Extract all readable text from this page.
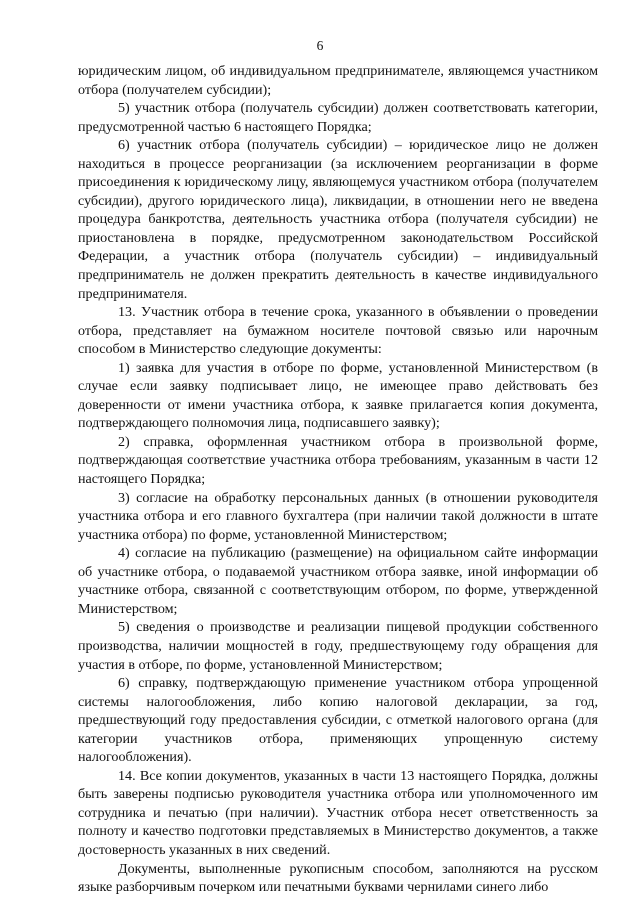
6

юридическим лицом, об индивидуальном предпринимателе, являющемся участником отбора (получателем субсидии);

5) участник отбора (получатель субсидии) должен соответствовать категории, предусмотренной частью 6 настоящего Порядка;

6) участник отбора (получатель субсидии) – юридическое лицо не должен находиться в процессе реорганизации (за исключением реорганизации в форме присоединения к юридическому лицу, являющемуся участником отбора (получателем субсидии), другого юридического лица), ликвидации, в отношении него не введена процедура банкротства, деятельность участника отбора (получателя субсидии) не приостановлена в порядке, предусмотренном законодательством Российской Федерации, а участник отбора (получатель субсидии) – индивидуальный предприниматель не должен прекратить деятельность в качестве индивидуального предпринимателя.

13. Участник отбора в течение срока, указанного в объявлении о проведении отбора, представляет на бумажном носителе почтовой связью или нарочным способом в Министерство следующие документы:

1) заявка для участия в отборе по форме, установленной Министерством (в случае если заявку подписывает лицо, не имеющее право действовать без доверенности от имени участника отбора, к заявке прилагается копия документа, подтверждающего полномочия лица, подписавшего заявку);

2) справка, оформленная участником отбора в произвольной форме, подтверждающая соответствие участника отбора требованиям, указанным в части 12 настоящего Порядка;

3) согласие на обработку персональных данных (в отношении руководителя участника отбора и его главного бухгалтера (при наличии такой должности в штате участника отбора) по форме, установленной Министерством;

4) согласие на публикацию (размещение) на официальном сайте информации об участнике отбора, о подаваемой участником отбора заявке, иной информации об участнике отбора, связанной с соответствующим отбором, по форме, утвержденной Министерством;

5) сведения о производстве и реализации пищевой продукции собственного производства, наличии мощностей в году, предшествующему году обращения для участия в отборе, по форме, установленной Министерством;

6) справку, подтверждающую применение участником отбора упрощенной системы налогообложения, либо копию налоговой декларации, за год, предшествующий году предоставления субсидии, с отметкой налогового органа (для категории участников отбора, применяющих упрощенную систему налогообложения).

14. Все копии документов, указанных в части 13 настоящего Порядка, должны быть заверены подписью руководителя участника отбора или уполномоченного им сотрудника и печатью (при наличии). Участник отбора несет ответственность за полноту и качество подготовки представляемых в Министерство документов, а также достоверность указанных в них сведений.

Документы, выполненные рукописным способом, заполняются на русском языке разборчивым почерком или печатными буквами чернилами синего либо
